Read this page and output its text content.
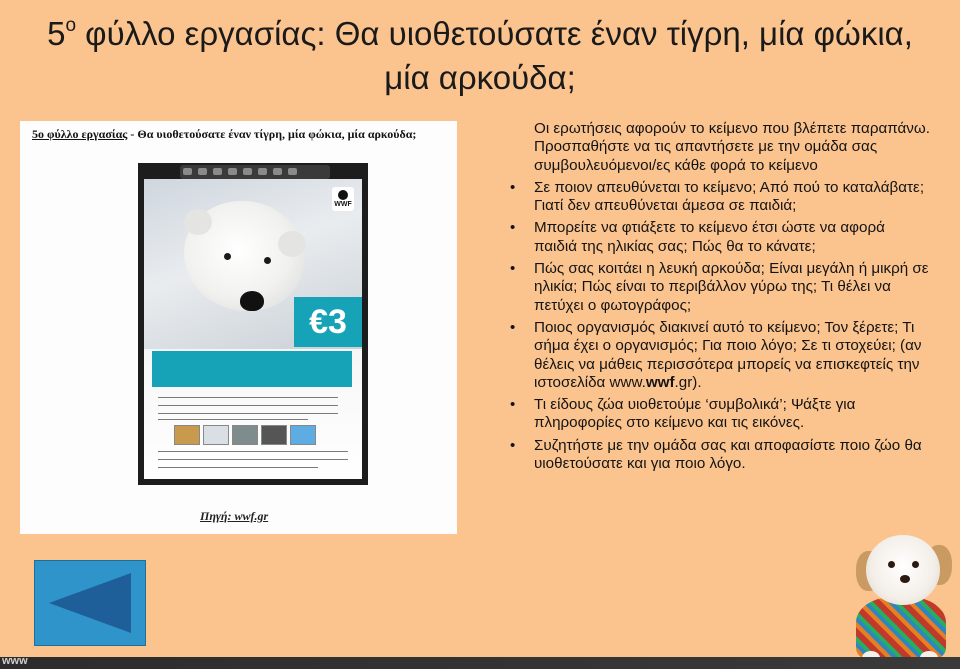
$5^o$ φύλλο εργασίας: Θα υιοθετούσατε έναν τίγρη, μία φώκια, μία αρκούδα;
5ο φύλλο εργασίας - Θα υιοθετούσατε έναν τίγρη, μία φώκια, μία αρκούδα;
WWF
€3
Πηγή: wwf.gr
Οι ερωτήσεις αφορούν το κείμενο που βλέπετε παραπάνω. Προσπαθήστε να τις απαντήσετε με την ομάδα σας συμβουλευόμενοι/ες κάθε φορά το κείμενο
• Σε ποιον απευθύνεται το κείμενο; Από πού το καταλάβατε; Γιατί δεν απευθύνεται άμεσα σε παιδιά;
• Μπορείτε να φτιάξετε το κείμενο έτσι ώστε να αφορά παιδιά της ηλικίας σας; Πώς θα το κάνατε;
• Πώς σας κοιτάει η λευκή αρκούδα; Είναι μεγάλη ή μικρή σε ηλικία; Πώς είναι το περιβάλλον γύρω της; Τι θέλει να πετύχει ο φωτογράφος;
• Ποιος οργανισμός διακινεί αυτό το κείμενο; Τον ξέρετε; Τι σήμα έχει ο οργανισμός; Για ποιο λόγο; Σε τι στοχεύει; (αν θέλεις να μάθεις περισσότερα μπορείς να επισκεφτείς την ιστοσελίδα www.wwf.gr).
• Τι είδους ζώα υιοθετούμε ‘συμβολικά’; Ψάξτε για πληροφορίες στο κείμενο και τις εικόνες.
• Συζητήστε με την ομάδα σας και αποφασίστε ποιο ζώο θα υιοθετούσατε και για ποιο λόγο.
www
